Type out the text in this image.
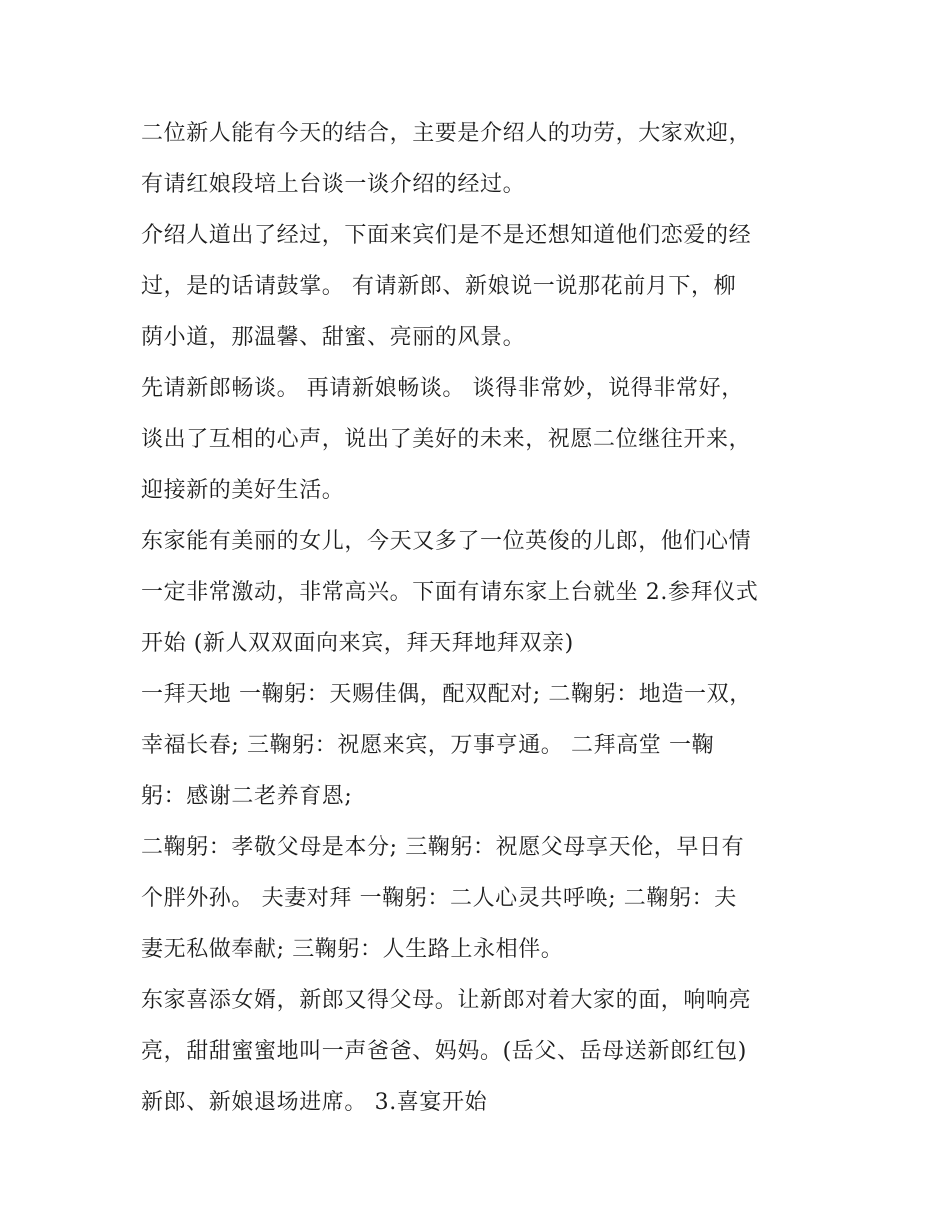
二位新人能有今天的结合，主要是介绍人的功劳，大家欢迎，
有请红娘段培上台谈一谈介绍的经过。
介绍人道出了经过，下面来宾们是不是还想知道他们恋爱的经
过，是的话请鼓掌。 有请新郎、新娘说一说那花前月下，柳
荫小道，那温馨、甜蜜、亮丽的风景。
先请新郎畅谈。 再请新娘畅谈。 谈得非常妙，说得非常好，
谈出了互相的心声，说出了美好的未来，祝愿二位继往开来，
迎接新的美好生活。
东家能有美丽的女儿，今天又多了一位英俊的儿郎，他们心情
一定非常激动，非常高兴。下面有请东家上台就坐 2.参拜仪式
开始 (新人双双面向来宾，拜天拜地拜双亲)
一拜天地 一鞠躬：天赐佳偶，配双配对; 二鞠躬：地造一双，
幸福长春; 三鞠躬：祝愿来宾，万事亨通。 二拜高堂 一鞠
躬：感谢二老养育恩;
二鞠躬：孝敬父母是本分; 三鞠躬：祝愿父母享天伦，早日有
个胖外孙。 夫妻对拜 一鞠躬：二人心灵共呼唤; 二鞠躬：夫
妻无私做奉献; 三鞠躬：人生路上永相伴。
东家喜添女婿，新郎又得父母。让新郎对着大家的面，响响亮
亮，甜甜蜜蜜地叫一声爸爸、妈妈。(岳父、岳母送新郎红包)
新郎、新娘退场进席。 3.喜宴开始
